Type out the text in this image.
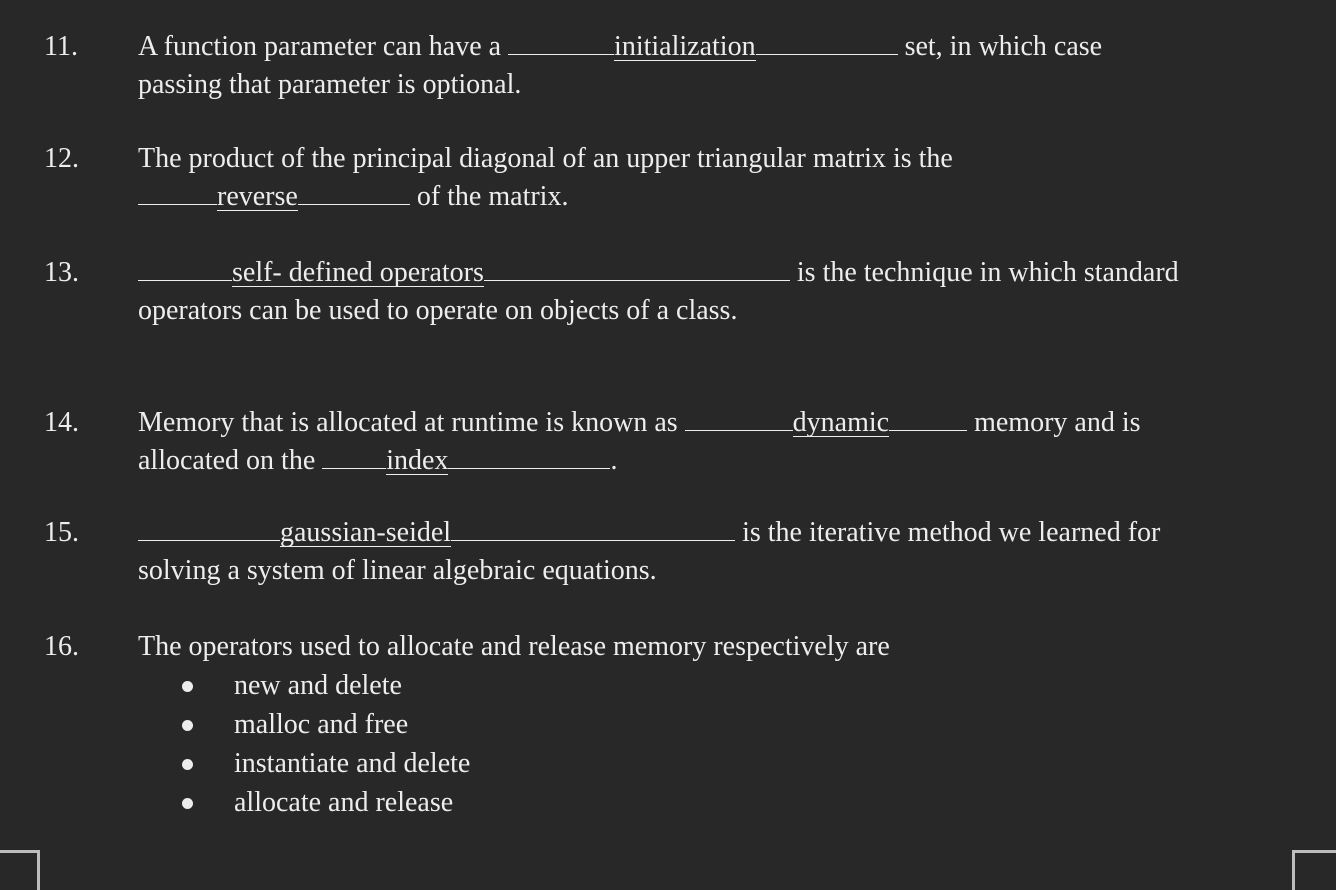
11. A function parameter can have a	initialization	set, in which case
passing that parameter is optional.
12. The product of the principal diagonal of an upper triangular matrix is the
reverse	of the matrix.
13.	self- defined operators	is the technique in which standard
operators can be used to operate on objects of a class.
14. Memory that is allocated at runtime is known as	dynamic	memory and is
allocated on the index	.
15.	gaussian-seidel	is the iterative method we learned for
solving a system of linear algebraic equations.
16. The operators used to allocate and release memory respectively are
new and delete
malloc and free
instantiate and delete
allocate and release
